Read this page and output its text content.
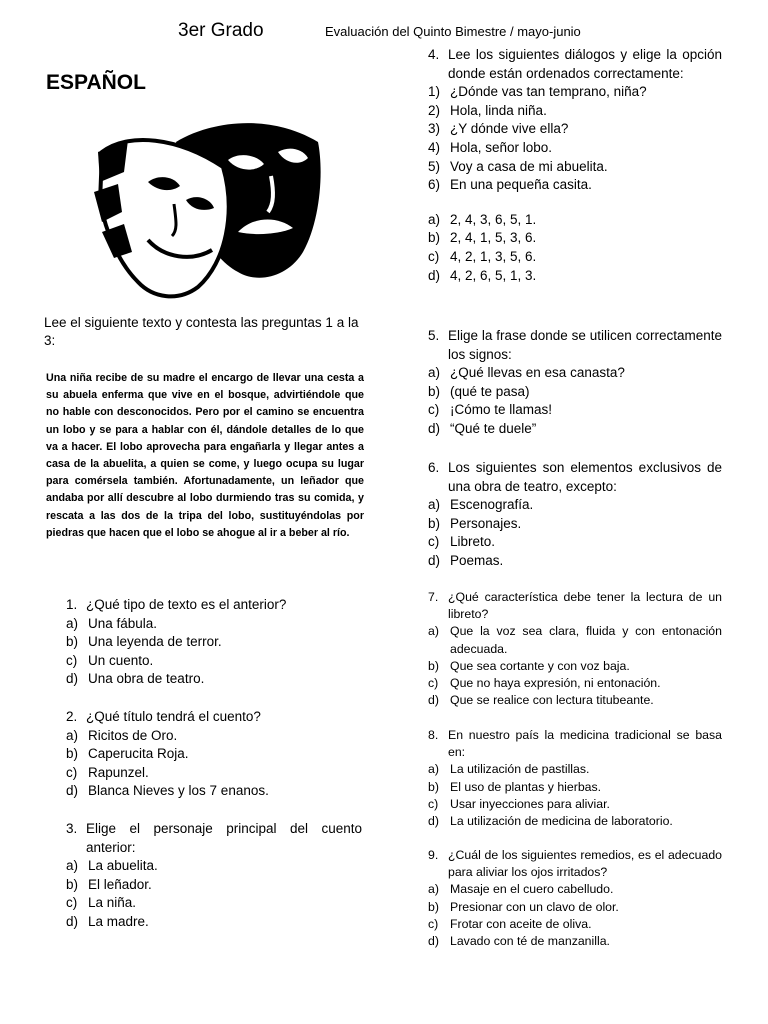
3er Grado	Evaluación del Quinto Bimestre / mayo-junio
ESPAÑOL
Lee el siguiente texto y contesta las preguntas 1 a la 3:
Una niña recibe de su madre el encargo de llevar una cesta a su abuela enferma que vive en el bosque, advirtiéndole que no hable con desconocidos. Pero por el camino se encuentra un lobo y se para a hablar con él, dándole detalles de lo que va a hacer. El lobo aprovecha para engañarla y llegar antes a casa de la abuelita, a quien se come, y luego ocupa su lugar para comérsela también. Afortunadamente, un leñador que andaba por allí descubre al lobo durmiendo tras su comida, y rescata a las dos de la tripa del lobo, sustituyéndolas por piedras que hacen que el lobo se ahogue al ir a beber al río.
1. ¿Qué tipo de texto es el anterior?
a) Una fábula.
b) Una leyenda de terror.
c) Un cuento.
d) Una obra de teatro.
2. ¿Qué título tendrá el cuento?
a) Ricitos de Oro.
b) Caperucita Roja.
c) Rapunzel.
d) Blanca Nieves y los 7 enanos.
3. Elige el personaje principal del cuento anterior:
a) La abuelita.
b) El leñador.
c) La niña.
d) La madre.
4. Lee los siguientes diálogos y elige la opción donde están ordenados correctamente:
1) ¿Dónde vas tan temprano, niña?
2) Hola, linda niña.
3) ¿Y dónde vive ella?
4) Hola, señor lobo.
5) Voy a casa de mi abuelita.
6) En una pequeña casita.
a) 2, 4, 3, 6, 5, 1.
b) 2, 4, 1, 5, 3, 6.
c) 4, 2, 1, 3, 5, 6.
d) 4, 2, 6, 5, 1, 3.
5. Elige la frase donde se utilicen correctamente los signos:
a) ¿Qué llevas en esa canasta?
b) (qué te pasa)
c) ¡Cómo te llamas!
d) “Qué te duele”
6. Los siguientes son elementos exclusivos de una obra de teatro, excepto:
a) Escenografía.
b) Personajes.
c) Libreto.
d) Poemas.
7. ¿Qué característica debe tener la lectura de un libreto?
a) Que la voz sea clara, fluida y con entonación adecuada.
b) Que sea cortante y con voz baja.
c) Que no haya expresión, ni entonación.
d) Que se realice con lectura titubeante.
8. En nuestro país la medicina tradicional se basa en:
a) La utilización de pastillas.
b) El uso de plantas y hierbas.
c) Usar inyecciones para aliviar.
d) La utilización de medicina de laboratorio.
9. ¿Cuál de los siguientes remedios, es el adecuado para aliviar los ojos irritados?
a) Masaje en el cuero cabelludo.
b) Presionar con un clavo de olor.
c) Frotar con aceite de oliva.
d) Lavado con té de manzanilla.
